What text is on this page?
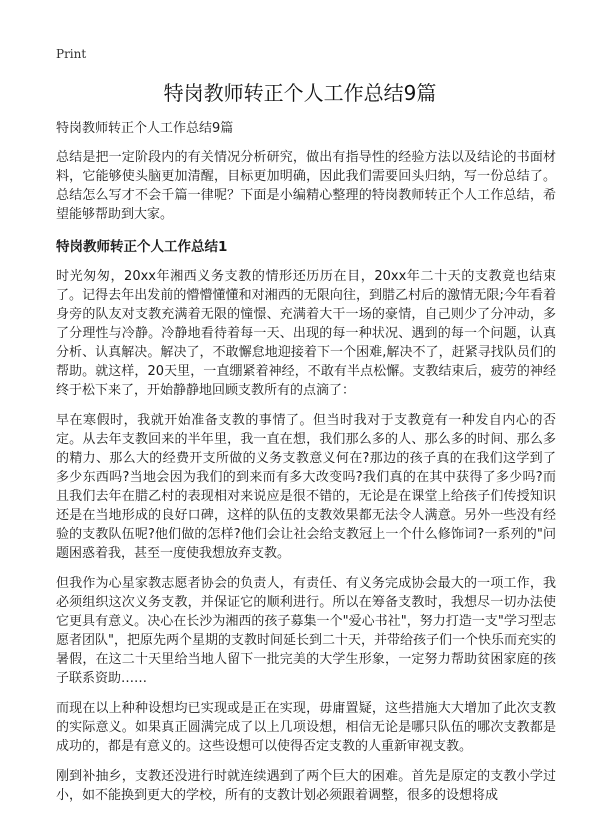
Print
特岗教师转正个人工作总结9篇

特岗教师转正个人工作总结9篇

总结是把一定阶段内的有关情况分析研究，做出有指导性的经验方法以及结论的书面材料，它能够使头脑更加清醒，目标更加明确，因此我们需要回头归纳，写一份总结了。总结怎么写才不会千篇一律呢？下面是小编精心整理的特岗教师转正个人工作总结，希望能够帮助到大家。

特岗教师转正个人工作总结1

时光匆匆，20xx年湘西义务支教的情形还历历在目，20xx年二十天的支教竟也结束了。记得去年出发前的懵懵懂懂和对湘西的无限向往，到腊乙村后的激情无限;今年看着身旁的队友对支教充满着无限的憧憬、充满着大干一场的豪情，自己则少了分冲动，多了分理性与冷静。冷静地看待着每一天、出现的每一种状况、遇到的每一个问题，认真分析、认真解决。解决了，不敢懈怠地迎接着下一个困难,解决不了，赶紧寻找队员们的帮助。就这样，20天里，一直绷紧着神经，不敢有半点松懈。支教结束后，疲劳的神经终于松下来了，开始静静地回顾支教所有的点滴了：

早在寒假时，我就开始准备支教的事情了。但当时我对于支教竟有一种发自内心的否定。从去年支教回来的半年里，我一直在想，我们那么多的人、那么多的时间、那么多的精力、那么大的经费开支所做的义务支教意义何在?那边的孩子真的在我们这学到了多少东西吗?当地会因为我们的到来而有多大改变吗?我们真的在其中获得了多少吗?而且我们去年在腊乙村的表现相对来说应是很不错的，无论是在课堂上给孩子们传授知识还是在当地形成的良好口碑，这样的队伍的支教效果都无法令人满意。另外一些没有经验的支教队伍呢?他们做的怎样?他们会让社会给支教冠上一个什么修饰词?一系列的"问题困惑着我，甚至一度使我想放弃支教。

但我作为心星家教志愿者协会的负责人，有责任、有义务完成协会最大的一项工作，我必须组织这次义务支教，并保证它的顺利进行。所以在筹备支教时，我想尽一切办法使它更具有意义。决心在长沙为湘西的孩子募集一个"爱心书社"，努力打造一支"学习型志愿者团队"，把原先两个星期的支教时间延长到二十天，并带给孩子们一个快乐而充实的暑假，在这二十天里给当地人留下一批完美的大学生形象，一定努力帮助贫困家庭的孩子联系资助……

而现在以上种种设想均已实现或是正在实现，毋庸置疑，这些措施大大增加了此次支教的实际意义。如果真正圆满完成了以上几项设想，相信无论是哪只队伍的哪次支教都是成功的，都是有意义的。这些设想可以使得否定支教的人重新审视支教。

刚到补抽乡，支教还没进行时就连续遇到了两个巨大的困难。首先是原定的支教小学过小，如不能换到更大的学校，所有的支教计划必须跟着调整，很多的设想将成
